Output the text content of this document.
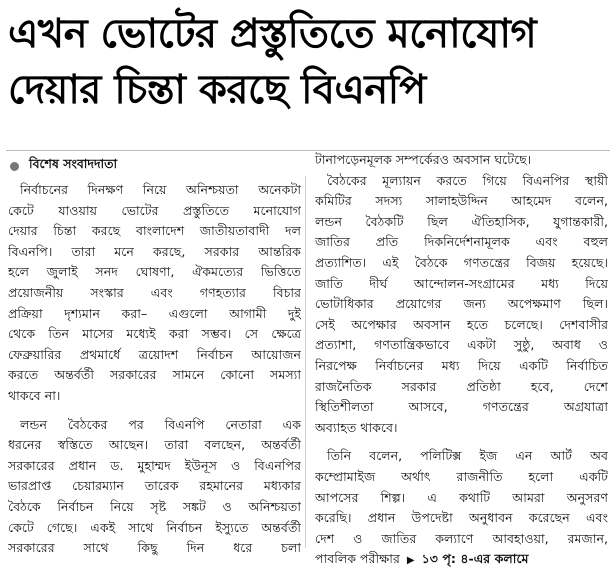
এখন ভোটের প্রস্তুতিতে মনোযোগ
দেয়ার চিন্তা করছে বিএনপি
বিশেষ সংবাদদাতা
নির্বাচনের দিনক্ষণ নিয়ে অনিশ্চয়তা অনেকটা
কেটে যাওয়ায় ভোটের প্রস্তুতিতে মনোযোগ
দেয়ার চিন্তা করছে বাংলাদেশ জাতীয়তাবাদী দল
বিএনপি। তারা মনে করছে, সরকার আন্তরিক
হলে জুলাই সনদ ঘোষণা, ঐকমত্যের ভিত্তিতে
প্রয়োজনীয় সংস্কার এবং গণহত্যার বিচার
প্রক্রিয়া দৃশ্যমান করা– এগুলো আগামী দুই
থেকে তিন মাসের মধ্যেই করা সম্ভব। সে ক্ষেত্রে
ফেব্রুয়ারির প্রথমার্ধে ত্রয়োদশ নির্বাচন আয়োজন
করতে অন্তর্বর্তী সরকারের সামনে কোনো সমস্যা
থাকবে না।
লন্ডন বৈঠকের পর বিএনপি নেতারা এক
ধরনের স্বস্তিতে আছেন। তারা বলছেন, অন্তর্বর্তী
সরকারের প্রধান ড. মুহাম্মদ ইউনূস ও বিএনপির
ভারপ্রাপ্ত চেয়ারম্যান তারেক রহমানের মধ্যকার
বৈঠকে নির্বাচন নিয়ে সৃষ্ট সঙ্কট ও অনিশ্চয়তা
কেটে গেছে। একই সাথে নির্বাচন ইস্যুতে অন্তর্বর্তী
সরকারের সাথে কিছু দিন ধরে চলা
টানাপড়েনমূলক সম্পর্কেরও অবসান ঘটেছে।
বৈঠকের মূল্যায়ন করতে গিয়ে বিএনপির স্থায়ী
কমিটির সদস্য সালাহউদ্দিন আহমেদ বলেন,
লন্ডন বৈঠকটি ছিল ঐতিহাসিক, যুগান্তকারী,
জাতির প্রতি দিকনির্দেশনামূলক এবং বহুল
প্রত্যাশিত। এই বৈঠকে গণতন্ত্রের বিজয় হয়েছে।
জাতি দীর্ঘ আন্দোলন-সংগ্রামের মধ্য দিয়ে
ভোটাধিকার প্রয়োগের জন্য অপেক্ষমাণ ছিল।
সেই অপেক্ষার অবসান হতে চলেছে। দেশবাসীর
প্রত্যাশা, গণতান্ত্রিকভাবে একটা সুষ্ঠু, অবাধ ও
নিরপেক্ষ নির্বাচনের মধ্য দিয়ে একটি নির্বাচিত
রাজনৈতিক সরকার প্রতিষ্ঠা হবে, দেশে
স্থিতিশীলতা আসবে, গণতন্ত্রের অগ্রযাত্রা
অব্যাহত থাকবে।
তিনি বলেন, পলিটিক্স ইজ এন আর্ট অব
কম্প্রোমাইজ অর্থাৎ রাজনীতি হলো একটি
আপসের শিল্প। এ কথাটি আমরা অনুসরণ
করেছি। প্রধান উপদেষ্টা অনুধাবন করেছেন এবং
দেশ ও জাতির কল্যাণে আবহাওয়া, রমজান,
পাবলিক পরীক্ষার ▶ ১৩ পৃ: ৪-এর কলামে
